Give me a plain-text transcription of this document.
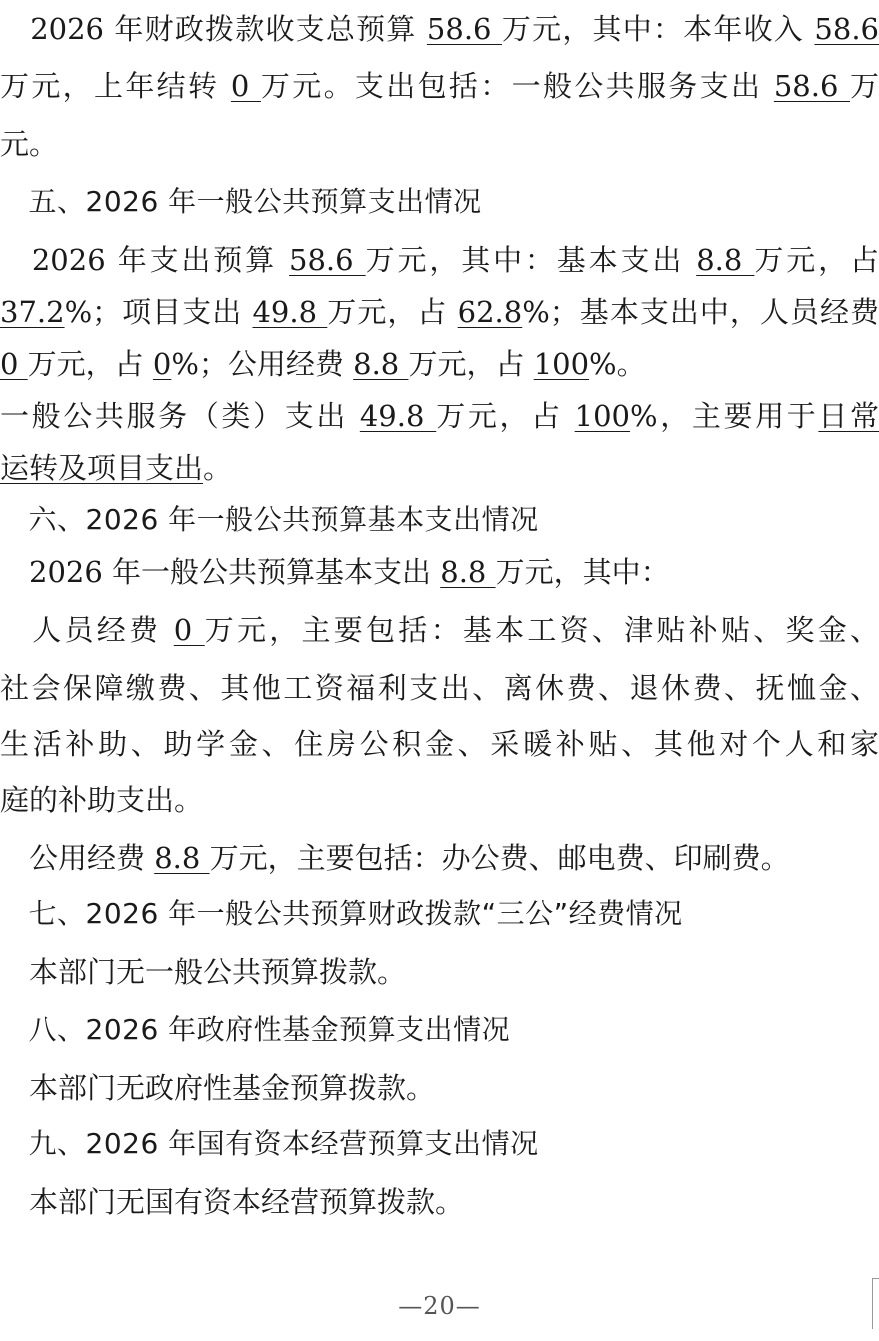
　2026 年财政拨款收支总预算 58.6 万元，其中：本年收入 58.6
万元，上年结转 0 万元。支出包括：一般公共服务支出 58.6 万
元。
　五、2026 年一般公共预算支出情况
　2026 年支出预算 58.6 万元，其中：基本支出 8.8 万元，占
37.2%；项目支出 49.8 万元，占 62.8%；基本支出中，人员经费
0 万元，占 0%；公用经费 8.8 万元，占 100%。
一般公共服务（类）支出 49.8 万元，占 100%，主要用于日常
运转及项目支出。
　六、2026 年一般公共预算基本支出情况
　2026 年一般公共预算基本支出 8.8 万元，其中：
　人员经费 0 万元，主要包括：基本工资、津贴补贴、奖金、
社会保障缴费、其他工资福利支出、离休费、退休费、抚恤金、
生活补助、助学金、住房公积金、采暖补贴、其他对个人和家
庭的补助支出。
　公用经费 8.8 万元，主要包括：办公费、邮电费、印刷费。
　七、2026 年一般公共预算财政拨款“三公”经费情况
　本部门无一般公共预算拨款。
　八、2026 年政府性基金预算支出情况
　本部门无政府性基金预算拨款。
　九、2026 年国有资本经营预算支出情况
　本部门无国有资本经营预算拨款。
—20—
